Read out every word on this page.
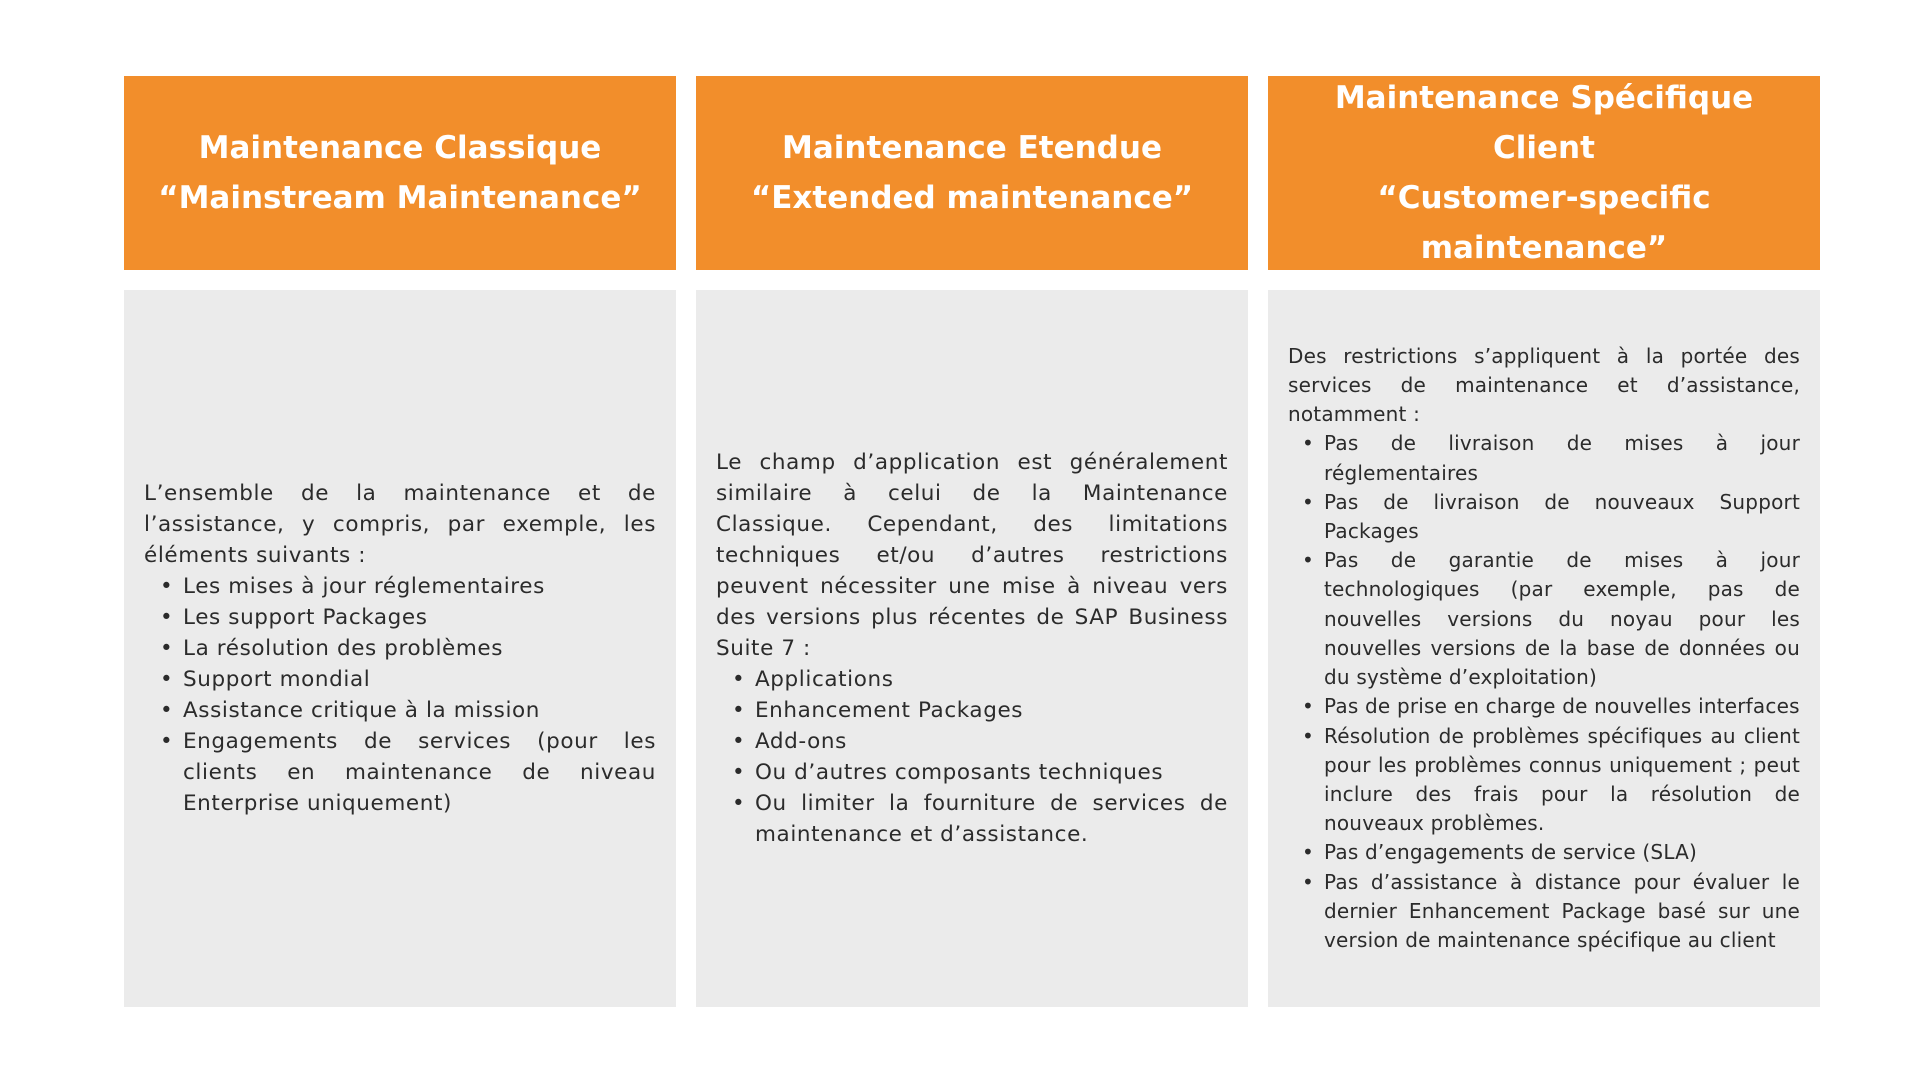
Maintenance Classique
“Mainstream Maintenance”

L’ensemble de la maintenance et de l’assistance, y compris, par exemple, les éléments suivants :

• Les mises à jour réglementaires
• Les support Packages
• La résolution des problèmes
• Support mondial
• Assistance critique à la mission
• Engagements de services (pour les clients en maintenance de niveau Enterprise uniquement)
Maintenance Etendue
“Extended maintenance”

Le champ d’application est généralement similaire à celui de la Maintenance Classique. Cependant, des limitations techniques et/ou d’autres restrictions peuvent nécessiter une mise à niveau vers des versions plus récentes de SAP Business Suite 7 :

• Applications
• Enhancement Packages
• Add-ons
• Ou d’autres composants techniques
• Ou limiter la fourniture de services de maintenance et d’assistance.
Maintenance Spécifique Client
“Customer-specific
maintenance”

Des restrictions s’appliquent à la portée des services de maintenance et d’assistance, notamment :

• Pas de livraison de mises à jour réglementaires
• Pas de livraison de nouveaux Support Packages
• Pas de garantie de mises à jour technologiques (par exemple, pas de nouvelles versions du noyau pour les nouvelles versions de la base de données ou du système d’exploitation)
• Pas de prise en charge de nouvelles interfaces
• Résolution de problèmes spécifiques au client pour les problèmes connus uniquement ; peut inclure des frais pour la résolution de nouveaux problèmes.
• Pas d’engagements de service (SLA)
• Pas d’assistance à distance pour évaluer le dernier Enhancement Package basé sur une version de maintenance spécifique au client
